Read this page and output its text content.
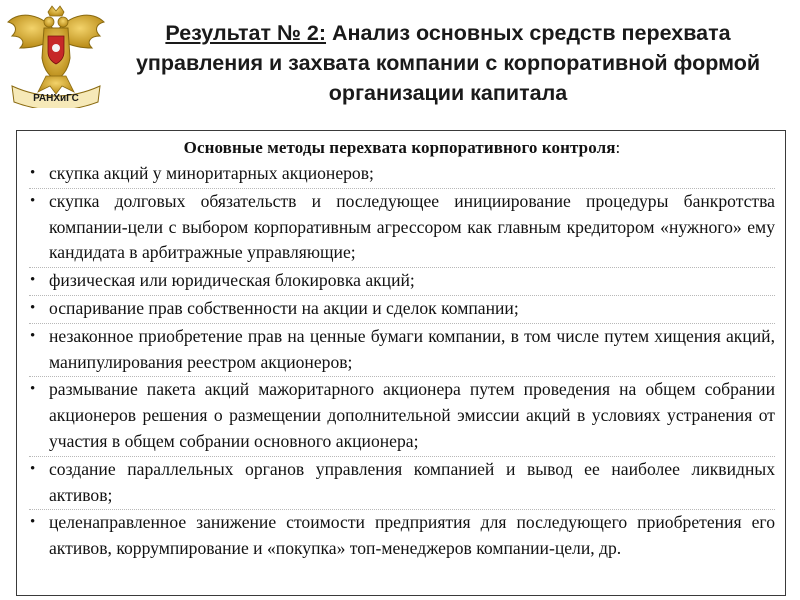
РАНХиГС
Результат № 2: Анализ основных средств перехвата управления и захвата компании с корпоративной формой организации капитала
Основные методы перехвата корпоративного контроля:
• скупка акций у миноритарных акционеров;
• скупка долговых обязательств и последующее инициирование процедуры банкротства компании-цели с выбором корпоративным агрессором как главным кредитором «нужного» ему кандидата в арбитражные управляющие;
• физическая или юридическая блокировка акций;
• оспаривание прав собственности на акции и сделок компании;
• незаконное приобретение прав на ценные бумаги компании, в том числе путем хищения акций, манипулирования реестром акционеров;
• размывание пакета акций мажоритарного акционера путем проведения на общем собрании акционеров решения о размещении дополнительной эмиссии акций в условиях устранения от участия в общем собрании основного акционера;
• создание параллельных органов управления компанией и вывод ее наиболее ликвидных активов;
• целенаправленное занижение стоимости предприятия для последующего приобретения его активов, коррумпирование и «покупка» топ-менеджеров компании-цели, др.
